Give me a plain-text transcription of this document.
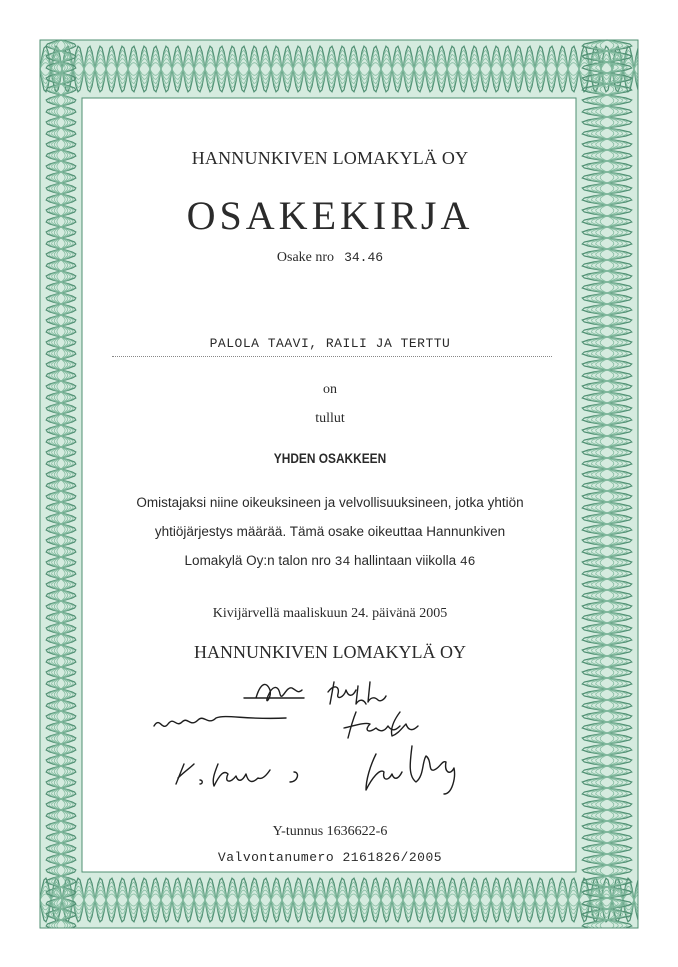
HANNUNKIVEN LOMAKYLÄ OY
OSAKEKIRJA
Osake nro 34.46
PALOLA TAAVI, RAILI JA TERTTU
on
tullut
YHDEN OSAKKEEN
Omistajaksi niine oikeuksineen ja velvollisuuksineen, jotka yhtiön
yhtiöjärjestys määrää. Tämä osake oikeuttaa Hannunkiven
Lomakylä Oy:n talon nro 34 hallintaan viikolla 46
Kivijärvellä maaliskuun 24. päivänä 2005
HANNUNKIVEN LOMAKYLÄ OY
Y-tunnus 1636622-6
Valvontanumero 2161826/2005
